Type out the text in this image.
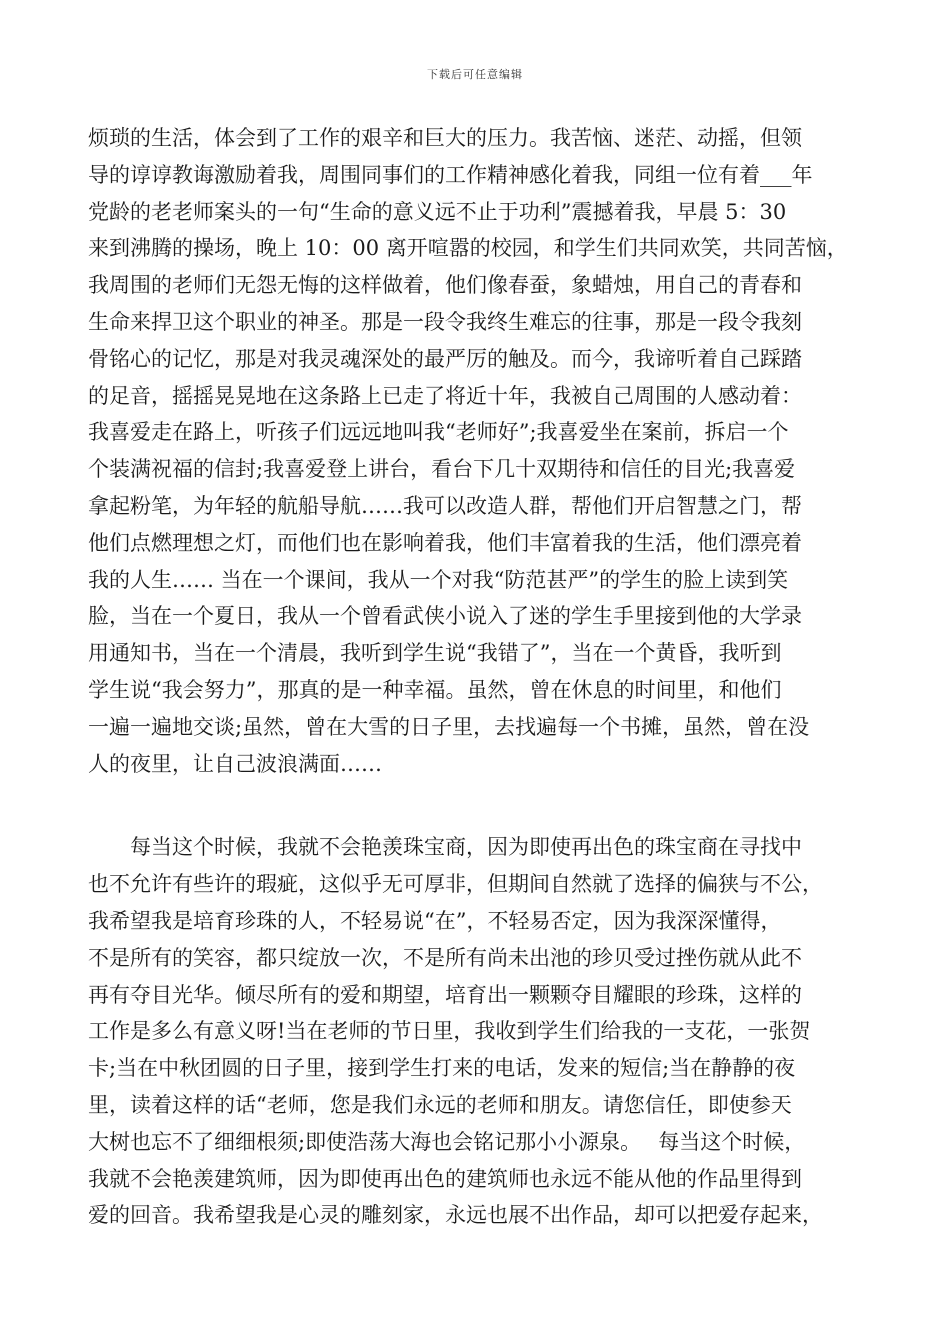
下载后可任意编辑
烦琐的生活，体会到了工作的艰辛和巨大的压力。我苦恼、迷茫、动摇，但领
导的谆谆教诲激励着我，周围同事们的工作精神感化着我，同组一位有着___年
党龄的老老师案头的一句“生命的意义远不止于功利”震撼着我，早晨 5：30
来到沸腾的操场，晚上 10：00 离开喧嚣的校园，和学生们共同欢笑，共同苦恼，
我周围的老师们无怨无悔的这样做着，他们像春蚕，象蜡烛，用自己的青春和
生命来捍卫这个职业的神圣。那是一段令我终生难忘的往事，那是一段令我刻
骨铭心的记忆，那是对我灵魂深处的最严厉的触及。而今，我谛听着自己踩踏
的足音，摇摇晃晃地在这条路上已走了将近十年，我被自己周围的人感动着：
我喜爱走在路上，听孩子们远远地叫我“老师好”;我喜爱坐在案前，拆启一个
个装满祝福的信封;我喜爱登上讲台，看台下几十双期待和信任的目光;我喜爱
拿起粉笔，为年轻的航船导航……我可以改造人群，帮他们开启智慧之门，帮
他们点燃理想之灯，而他们也在影响着我，他们丰富着我的生活，他们漂亮着
我的人生…… 当在一个课间，我从一个对我“防范甚严”的学生的脸上读到笑
脸，当在一个夏日，我从一个曾看武侠小说入了迷的学生手里接到他的大学录
用通知书，当在一个清晨，我听到学生说“我错了”，当在一个黄昏，我听到
学生说“我会努力”，那真的是一种幸福。虽然，曾在休息的时间里，和他们
一遍一遍地交谈;虽然，曾在大雪的日子里，去找遍每一个书摊，虽然，曾在没
人的夜里，让自己波浪满面……
　　每当这个时候，我就不会艳羡珠宝商，因为即使再出色的珠宝商在寻找中
也不允许有些许的瑕疵，这似乎无可厚非，但期间自然就了选择的偏狭与不公，
我希望我是培育珍珠的人，不轻易说“在”，不轻易否定，因为我深深懂得，
不是所有的笑容，都只绽放一次，不是所有尚未出池的珍贝受过挫伤就从此不
再有夺目光华。倾尽所有的爱和期望，培育出一颗颗夺目耀眼的珍珠，这样的
工作是多么有意义呀!当在老师的节日里，我收到学生们给我的一支花，一张贺
卡;当在中秋团圆的日子里，接到学生打来的电话，发来的短信;当在静静的夜
里，读着这样的话“老师，您是我们永远的老师和朋友。请您信任，即使参天
大树也忘不了细细根须;即使浩荡大海也会铭记那小小源泉。　 每当这个时候，
我就不会艳羡建筑师，因为即使再出色的建筑师也永远不能从他的作品里得到
爱的回音。我希望我是心灵的雕刻家，永远也展不出作品，却可以把爱存起来，
